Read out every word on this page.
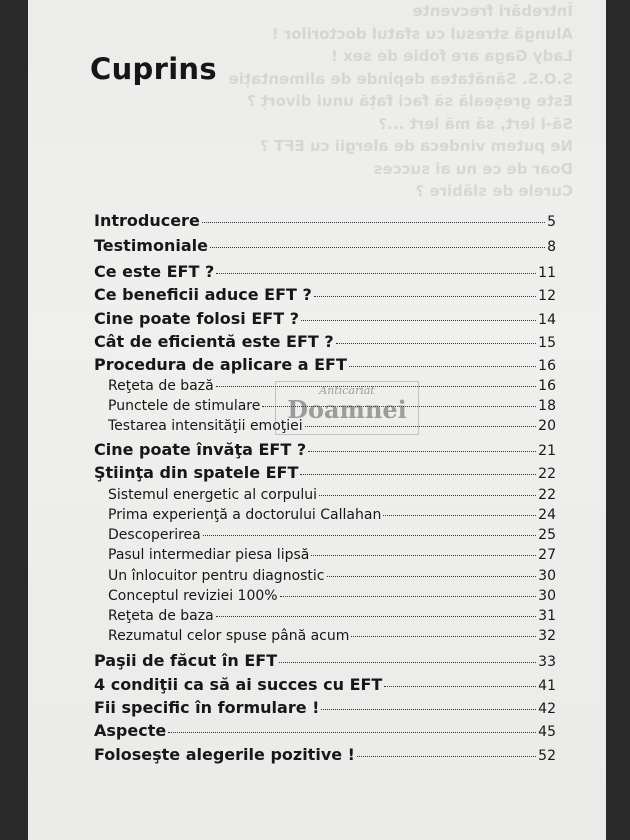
Întrebări frecvente
Alungă stresul cu sfatul doctorilor !
Lady Gaga are fobie de sex !
S.O.S. Sănătatea depinde de alimentație
Este greșeală să faci față unui divorț ?
Să-i iert, să mă iert ...?
Ne putem vindeca de alergii cu EFT ?
Doar de ce nu ai succes
Curele de slăbire ?
Cuprins
Introducere	5
Testimoniale	8
Ce este EFT ?	11
Ce beneficii aduce EFT ?	12
Cine poate folosi EFT ?	14
Cât de eficientă este EFT ?	15
Procedura de aplicare a EFT	16
Reţeta de bază	16
Punctele de stimulare	18
Testarea intensităţii emoţiei	20
Cine poate învăţa EFT ?	21
Ştiinţa din spatele EFT	22
Sistemul energetic al corpului	22
Prima experienţă a doctorului Callahan	24
Descoperirea	25
Pasul intermediar piesa lipsă	27
Un înlocuitor pentru diagnostic	30
Conceptul reviziei 100%	30
Reţeta de baza	31
Rezumatul celor spuse până acum	32
Paşii de făcut în EFT	33
4 condiţii ca să ai succes cu EFT	41
Fii specific în formulare !	42
Aspecte	45
Foloseşte alegerile pozitive !	52
Anticariat
Doamnei
